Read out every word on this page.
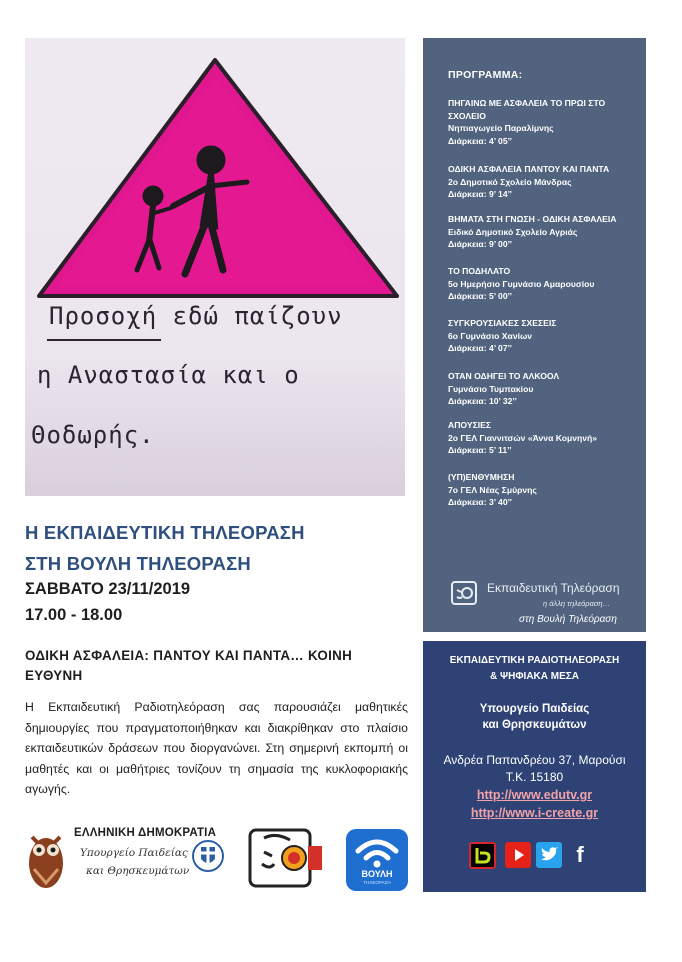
Προσοχή εδώ παίζουν
η Αναστασία και ο
Θοδωρής.
Η ΕΚΠΑΙΔΕΥΤΙΚΗ ΤΗΛΕΟΡΑΣΗ
ΣΤΗ ΒΟΥΛΗ ΤΗΛΕΟΡΑΣΗ
ΣΑΒΒΑΤΟ 23/11/2019
17.00 - 18.00
ΟΔΙΚΗ ΑΣΦΑΛΕΙΑ: ΠΑΝΤΟΥ ΚΑΙ ΠΑΝΤΑ… ΚΟΙΝΗ ΕΥΘΥΝΗ
Η Εκπαιδευτική Ραδιοτηλεόραση σας παρουσιάζει μαθητικές δημιουργίες που πραγματοποιήθηκαν και διακρίθηκαν στο πλαίσιο εκπαιδευτικών δράσεων που διοργανώνει. Στη σημερινή εκπομπή οι μαθητές και οι μαθήτριες τονίζουν τη σημασία της κυκλοφοριακής αγωγής.
ΕΛΛΗΝΙΚΗ ΔΗΜΟΚΡΑΤΙΑ
Υπουργείο Παιδείας
και Θρησκευμάτων	ΒΟΥΛΗ
ΤΗΛΕΟΡΑΣΗ
ΠΡΟΓΡΑΜΜΑ:
ΠΗΓΑΙΝΩ ΜΕ ΑΣΦΑΛΕΙΑ ΤΟ ΠΡΩΙ ΣΤΟ ΣΧΟΛΕΙΟ
Νηπιαγωγείο Παραλίμνης
Διάρκεια: 4’ 05’’
ΟΔΙΚΗ ΑΣΦΑΛΕΙΑ ΠΑΝΤΟΥ ΚΑΙ ΠΑΝΤΑ
2ο Δημοτικό Σχολείο Μάνδρας
Διάρκεια: 9’ 14’’
ΒΗΜΑΤΑ ΣΤΗ ΓΝΩΣΗ - ΟΔΙΚΗ ΑΣΦΑΛΕΙΑ
Ειδικό Δημοτικό Σχολείο Αγριάς
Διάρκεια: 9’ 00’’
ΤΟ ΠΟΔΗΛΑΤΟ
5ο Ημερήσιο Γυμνάσιο Αμαρουσίου
Διάρκεια: 5’ 00’’
ΣΥΓΚΡΟΥΣΙΑΚΕΣ ΣΧΕΣΕΙΣ
6ο Γυμνάσιο Χανίων
Διάρκεια: 4’ 07’’
ΟΤΑΝ ΟΔΗΓΕΙ ΤΟ ΑΛΚΟΟΛ
Γυμνάσιο Τυμπακίου
Διάρκεια: 10’ 32’’
ΑΠΟΥΣΙΕΣ
2ο ΓΕΛ Γιαννιτσών «Άννα Κομνηνή»
Διάρκεια: 5’ 11’’
(ΥΠ)ΕΝΘΥΜΗΣΗ
7ο ΓΕΛ Νέας Σμύρνης
Διάρκεια: 3’ 40’’
Εκπαιδευτική Τηλεόραση
η άλλη τηλεόραση…
στη Βουλή Τηλεόραση
ΕΚΠΑΙΔΕΥΤΙΚΗ ΡΑΔΙΟΤΗΛΕΟΡΑΣΗ
& ΨΗΦΙΑΚΑ ΜΕΣΑ
Υπουργείο Παιδείας
και Θρησκευμάτων
Ανδρέα Παπανδρέου 37, Μαρούσι
Τ.Κ. 15180
http://www.edutv.gr
http://www.i-create.gr
f
